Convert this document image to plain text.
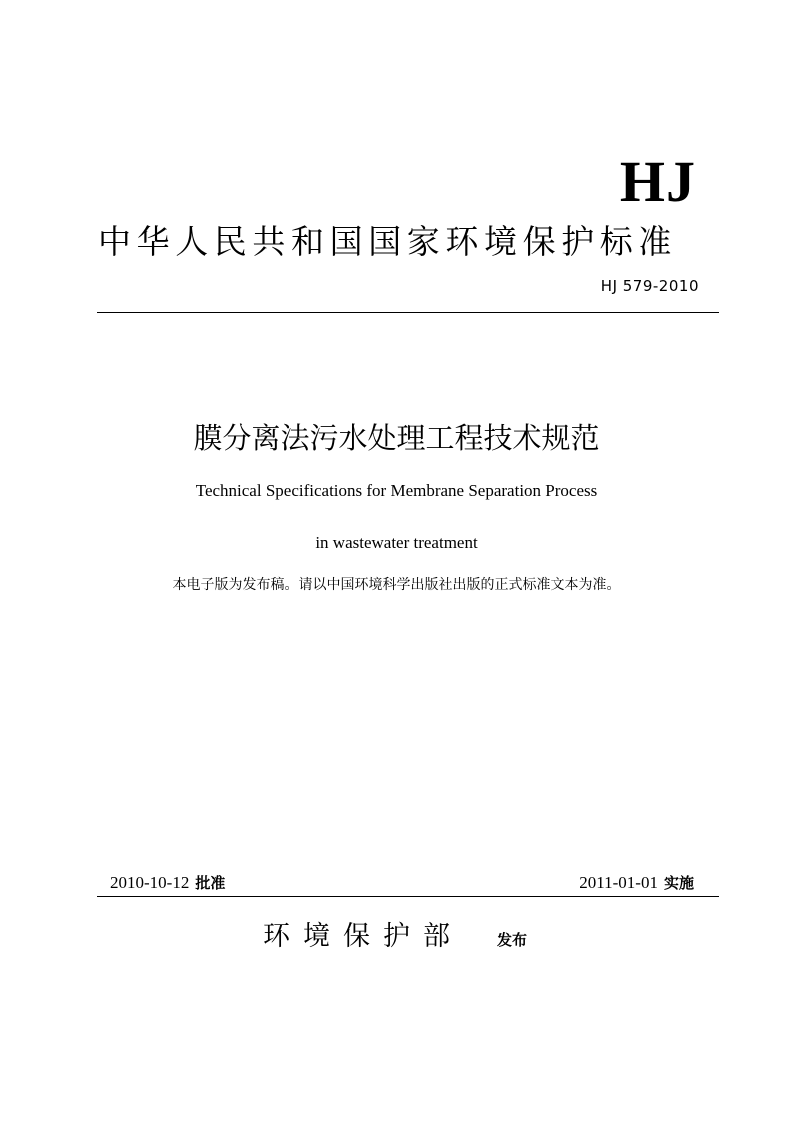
HJ
中华人民共和国国家环境保护标准
HJ 579-2010
膜分离法污水处理工程技术规范
Technical Specifications for Membrane Separation Process
in wastewater treatment
本电子版为发布稿。请以中国环境科学出版社出版的正式标准文本为准。
2010-10-12 批准	2011-01-01 实施
环境保护部 发布
